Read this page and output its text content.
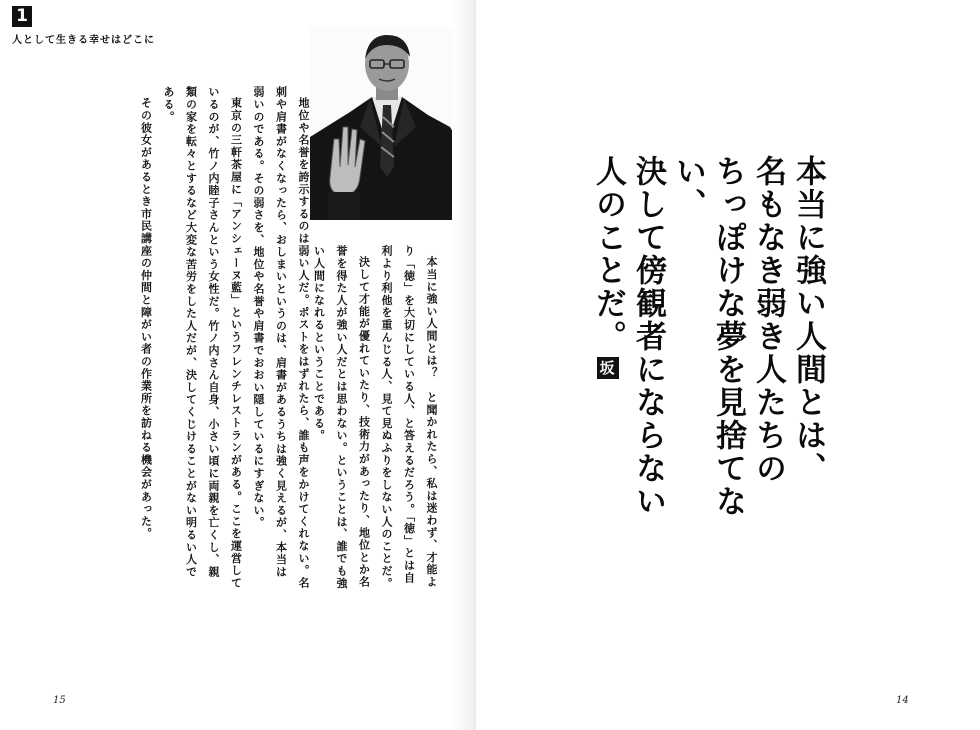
1
人として生きる幸せはどこに

本当に強い人間とは？　と聞かれたら、私は迷わず、才能より「徳」を大切にしている人、と答えるだろう。「徳」とは自利より利他を重んじる人、見て見ぬふりをしない人のことだ。

決して才能が優れていたり、技術力があったり、地位とか名誉を得た人が強い人だとは思わない。ということは、誰でも強い人間になれるということである。

地位や名誉を誇示するのは弱い人だ。ポストをはずれたら、誰も声をかけてくれない。名刺や肩書がなくなったら、おしまいというのは、肩書があるうちは強く見えるが、本当は弱いのである。その弱さを、地位や名誉や肩書でおおい隠しているにすぎない。

東京の三軒茶屋に「アンシェーヌ藍」というフレンチレストランがある。ここを運営しているのが、竹ノ内睦子さんという女性だ。竹ノ内さん自身、小さい頃に両親を亡くし、親類の家を転々とするなど大変な苦労をした人だが、決してくじけることがない明るい人である。

その彼女があるとき市民講座の仲間と障がい者の作業所を訪ねる機会があった。

15
本当に強い人間とは、
名もなき弱き人たちの
ちっぽけな夢を見捨てない、
決して傍観者にならない
人のことだ。坂
14
